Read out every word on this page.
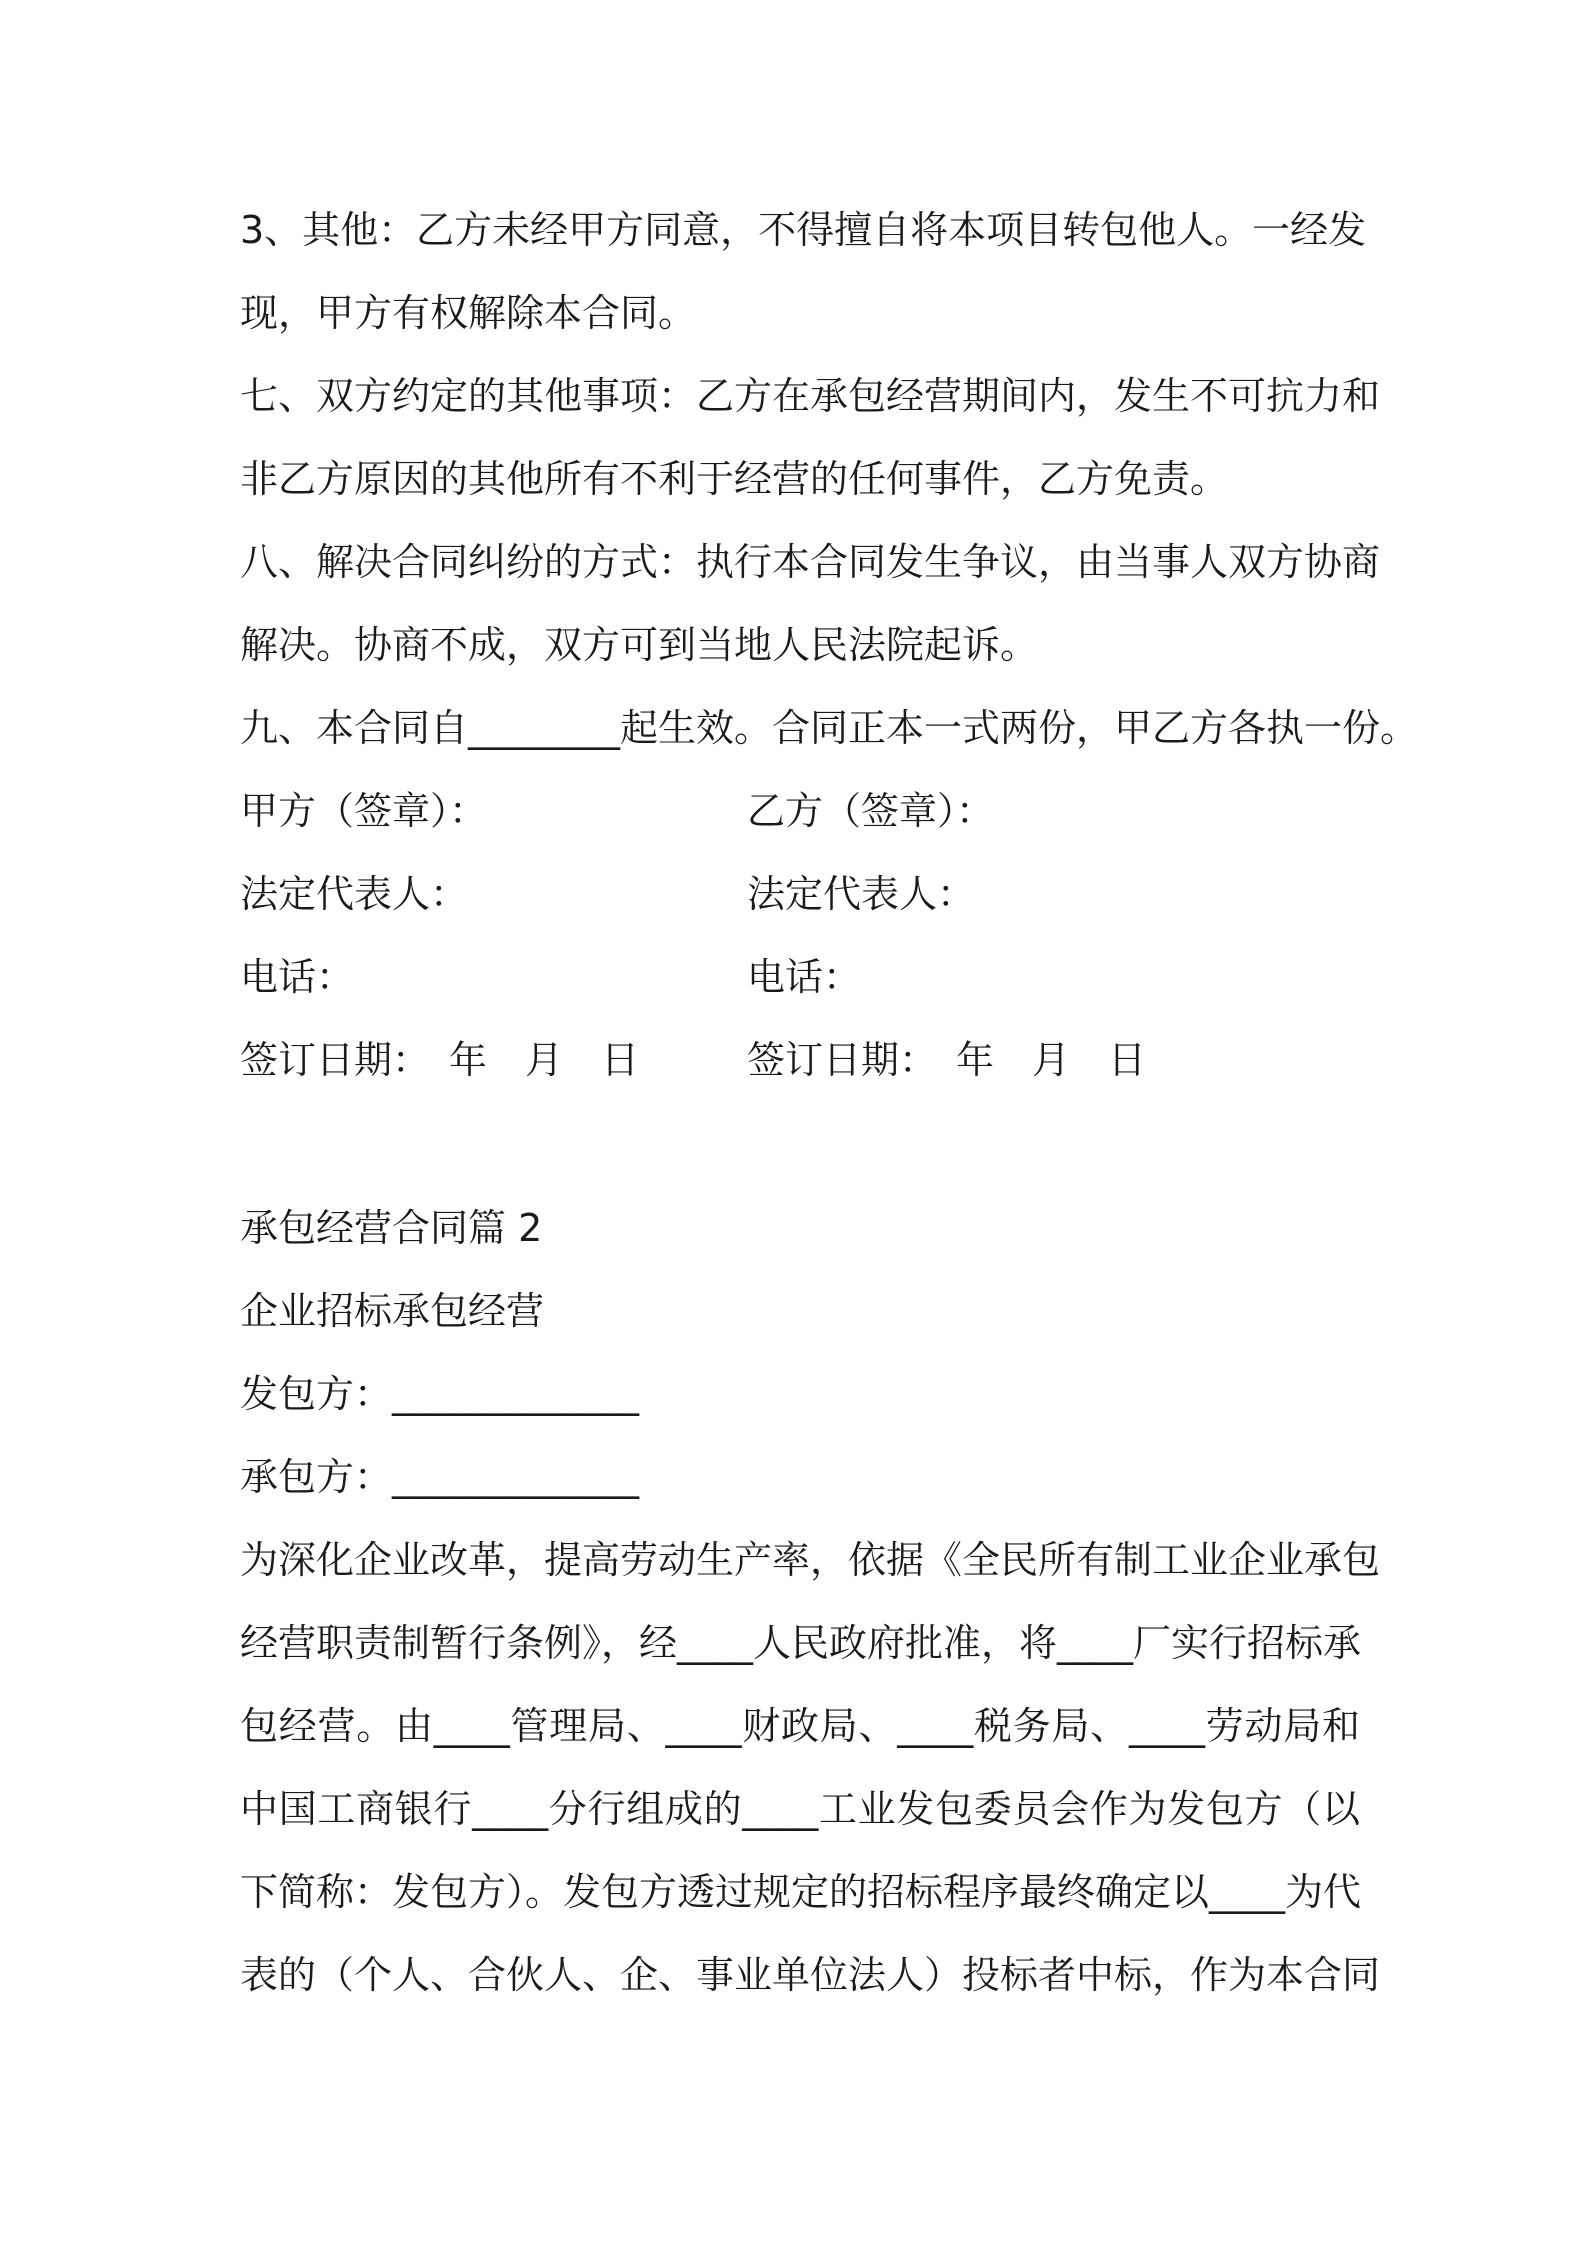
3、其他：乙方未经甲方同意，不得擅自将本项目转包他人。一经发
现，甲方有权解除本合同。
七、双方约定的其他事项：乙方在承包经营期间内，发生不可抗力和
非乙方原因的其他所有不利于经营的任何事件，乙方免责。
八、解决合同纠纷的方式：执行本合同发生争议，由当事人双方协商
解决。协商不成，双方可到当地人民法院起诉。
九、本合同自________起生效。合同正本一式两份，甲乙方各执一份。
甲方（签章）：	乙方（签章）：
法定代表人：	法定代表人：
电话：	电话：
签订日期：　年　月　日	签订日期：　年　月　日
承包经营合同篇 2
企业招标承包经营
发包方：_____________
承包方：_____________
为深化企业改革，提高劳动生产率，依据《全民所有制工业企业承包
经营职责制暂行条例》，经____人民政府批准，将____厂实行招标承
包经营。由____管理局、____财政局、____税务局、____劳动局和
中国工商银行____分行组成的____工业发包委员会作为发包方（以
下简称：发包方）。发包方透过规定的招标程序最终确定以____为代
表的（个人、合伙人、企、事业单位法人）投标者中标，作为本合同
